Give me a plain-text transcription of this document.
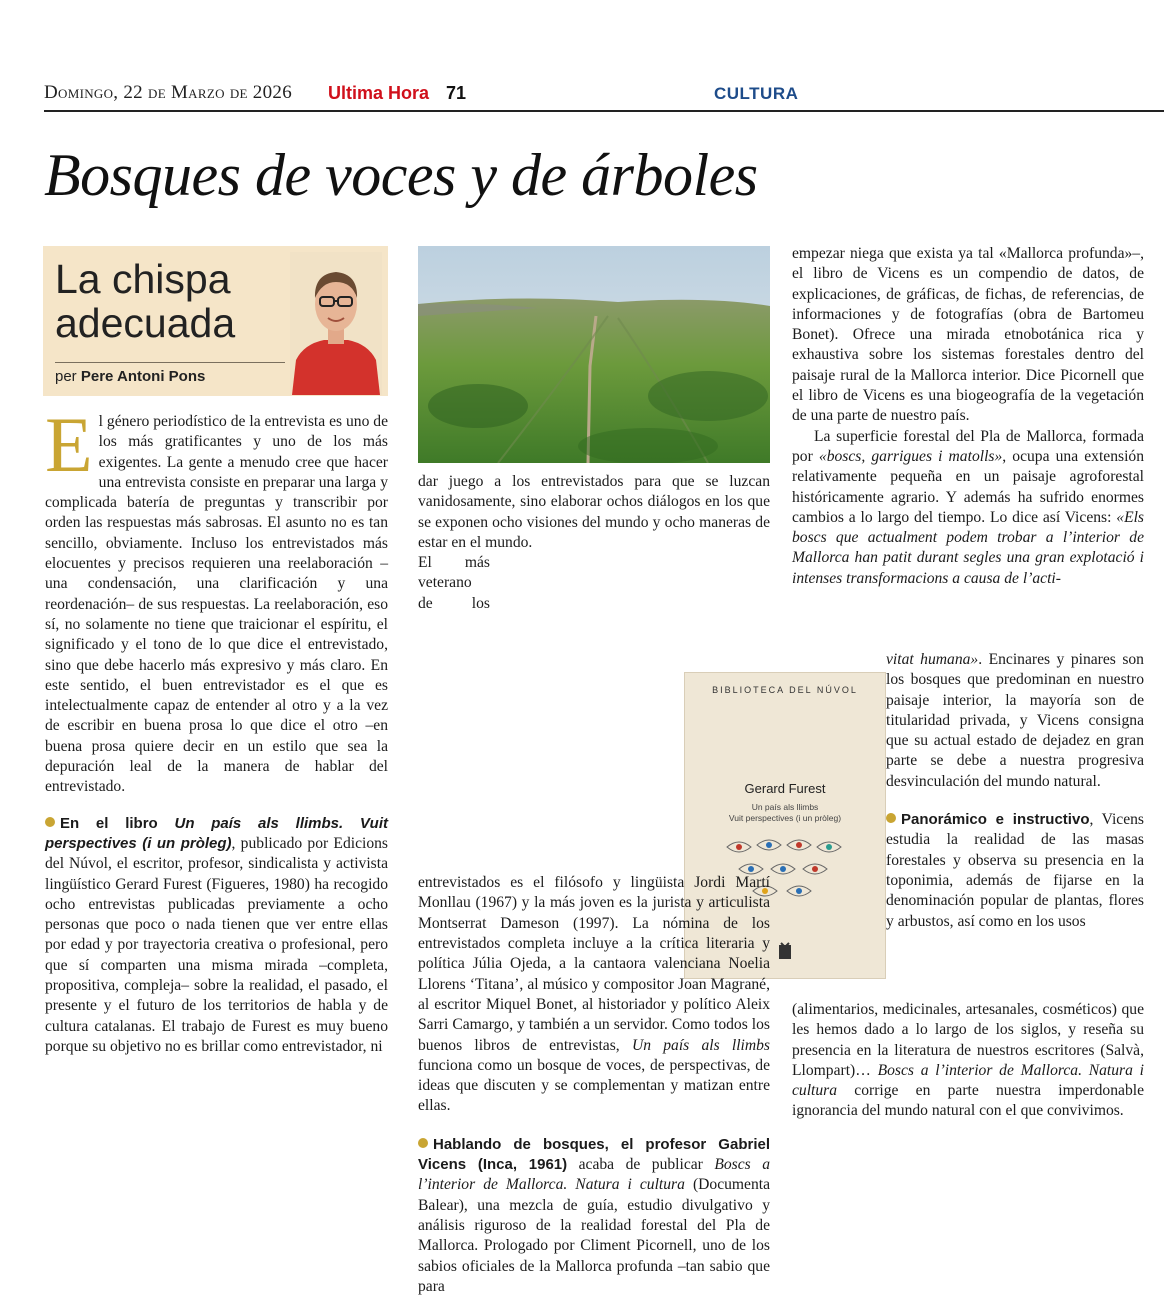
Domingo, 22 de Marzo de 2026 Ultima Hora 71	CULTURA
Bosques de voces y de árboles
La chispa
adecuada
per Pere Antoni Pons
BIBLIOTECA DEL NÚVOL
Gerard Furest
Un país als llimbs
Vuit perspectives (i un pròleg)

El género periodístico de la entrevista es uno de los más gratificantes y uno de los más exigentes. La gente a menudo cree que hacer una entrevista consiste en preparar una larga y complicada batería de preguntas y transcribir por orden las respuestas más sabrosas. El asunto no es tan sencillo, obviamente. Incluso los entrevistados más elocuentes y precisos requieren una reelaboración –una condensación, una clarificación y una reordenación– de sus respuestas. La reelaboración, eso sí, no solamente no tiene que traicionar el espíritu, el significado y el tono de lo que dice el entrevistado, sino que debe hacerlo más expresivo y más claro. En este sentido, el buen entrevistador es el que es intelectualmente capaz de entender al otro y a la vez de escribir en buena prosa lo que dice el otro –en buena prosa quiere decir en un estilo que sea la depuración leal de la manera de hablar del entrevistado.

En el libro Un país als llimbs. Vuit perspectives (i un pròleg), publicado por Edicions del Núvol, el escritor, profesor, sindicalista y activista lingüístico Gerard Furest (Figueres, 1980) ha recogido ocho entrevistas publicadas previamente a ocho personas que poco o nada tienen que ver entre ellas por edad y por trayectoria creativa o profesional, pero que sí comparten una misma mirada –completa, propositiva, compleja– sobre la realidad, el pasado, el presente y el futuro de los territorios de habla y de cultura catalanas. El trabajo de Furest es muy bueno porque su objetivo no es brillar como entrevistador, ni

dar juego a los entrevistados para que se luzcan vanidosamente, sino elaborar ochos diálogos en los que se exponen ocho visiones del mundo y ocho maneras de estar en el mundo.

El más veterano de los entrevistados es el filósofo y lingüista Jordi Martí Monllau (1967) y la más joven es la jurista y articulista Montserrat Dameson (1997). La nómina de los entrevistados completa incluye a la crítica literaria y política Júlia Ojeda, a la cantaora valenciana Noelia Llorens ‘Titana’, al músico y compositor Joan Magrané, al escritor Miquel Bonet, al historiador y político Aleix Sarri Camargo, y también a un servidor. Como todos los buenos libros de entrevistas, Un país als llimbs funciona como un bosque de voces, de perspectivas, de ideas que discuten y se complementan y matizan entre ellas.

Hablando de bosques, el profesor Gabriel Vicens (Inca, 1961) acaba de publicar Boscs a l’interior de Mallorca. Natura i cultura (Documenta Balear), una mezcla de guía, estudio divulgativo y análisis riguroso de la realidad forestal del Pla de Mallorca. Prologado por Climent Picornell, uno de los sabios oficiales de la Mallorca profunda –tan sabio que para

empezar niega que exista ya tal «Mallorca profunda»–, el libro de Vicens es un compendio de datos, de explicaciones, de gráficas, de fichas, de referencias, de informaciones y de fotografías (obra de Bartomeu Bonet). Ofrece una mirada etnobotánica rica y exhaustiva sobre los sistemas forestales dentro del paisaje rural de la Mallorca interior. Dice Picornell que el libro de Vicens es una biogeografía de la vegetación de una parte de nuestro país.

La superficie forestal del Pla de Mallorca, formada por «boscs, garrigues i matolls», ocupa una extensión relativamente pequeña en un paisaje agroforestal históricamente agrario. Y además ha sufrido enormes cambios a lo largo del tiempo. Lo dice así Vicens: «Els boscs que actualment podem trobar a l’interior de Mallorca han patit durant segles una gran explotació i intenses transformacions a causa de l’acti-

vitat humana». Encinares y pinares son los bosques que predominan en nuestro paisaje interior, la mayoría son de titularidad privada, y Vicens consigna que su actual estado de dejadez en gran parte se debe a nuestra progresiva desvinculación del mundo natural.

Panorámico e instructivo, Vicens estudia la realidad de las masas forestales y observa su presencia en la toponimia, además de fijarse en la denominación popular de plantas, flores y arbustos, así como en los usos

(alimentarios, medicinales, artesanales, cosméticos) que les hemos dado a lo largo de los siglos, y reseña su presencia en la literatura de nuestros escritores (Salvà, Llompart)… Boscs a l’interior de Mallorca. Natura i cultura corrige en parte nuestra imperdonable ignorancia del mundo natural con el que convivimos.
